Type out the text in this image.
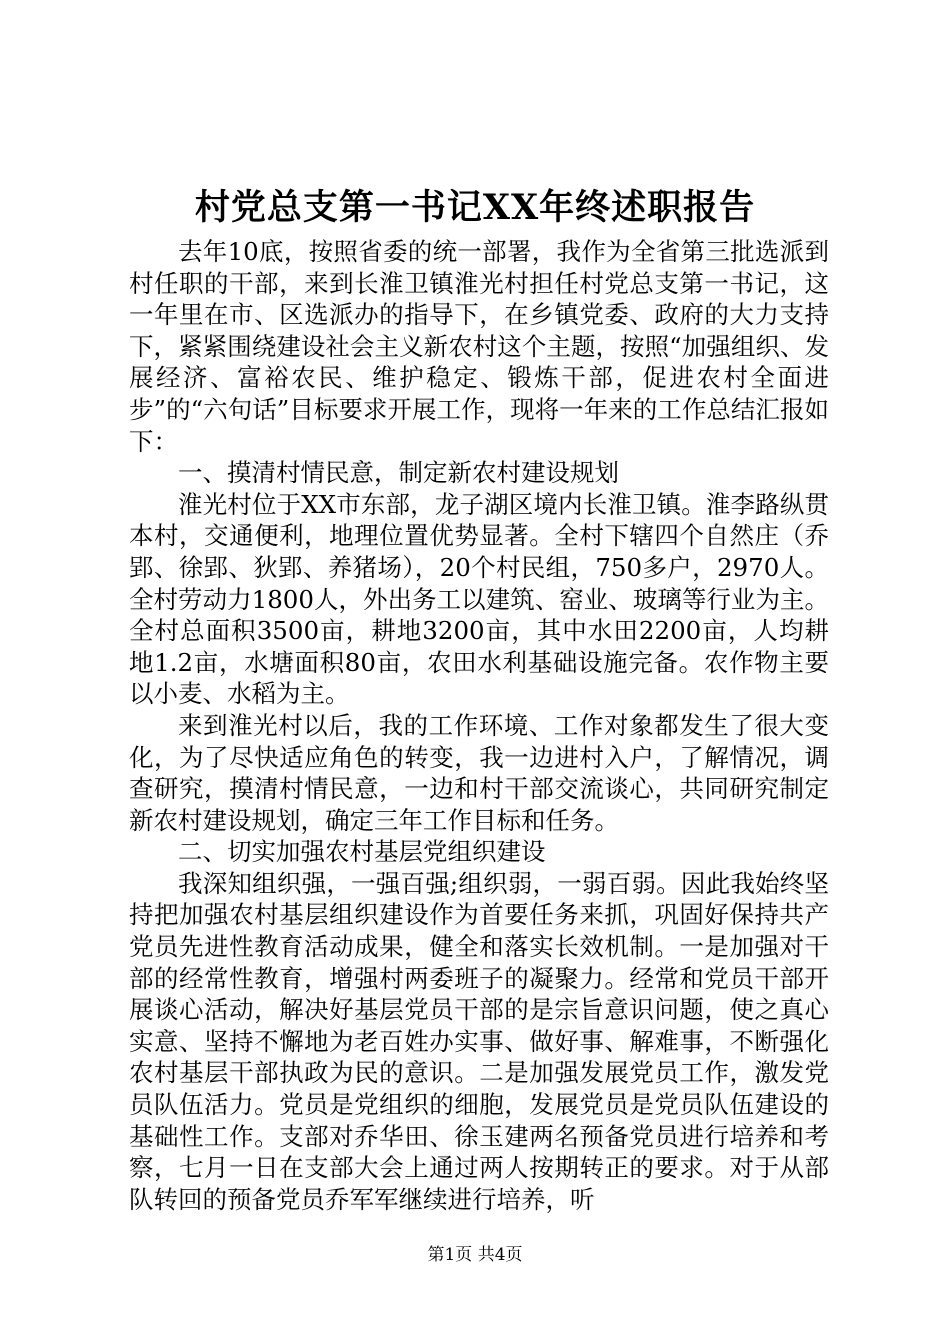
村党总支第一书记XX年终述职报告

去年10底，按照省委的统一部署，我作为全省第三批选派到村任职的干部，来到长淮卫镇淮光村担任村党总支第一书记，这一年里在市、区选派办的指导下，在乡镇党委、政府的大力支持下，紧紧围绕建设社会主义新农村这个主题，按照“加强组织、发展经济、富裕农民、维护稳定、锻炼干部，促进农村全面进步”的“六句话”目标要求开展工作，现将一年来的工作总结汇报如下：

一、摸清村情民意，制定新农村建设规划

淮光村位于XX市东部，龙子湖区境内长淮卫镇。淮李路纵贯本村，交通便利，地理位置优势显著。全村下辖四个自然庄（乔郢、徐郢、狄郢、养猪场），20个村民组，750多户，2970人。全村劳动力1800人，外出务工以建筑、窑业、玻璃等行业为主。全村总面积3500亩，耕地3200亩，其中水田2200亩，人均耕地1.2亩，水塘面积80亩，农田水利基础设施完备。农作物主要以小麦、水稻为主。

来到淮光村以后，我的工作环境、工作对象都发生了很大变化，为了尽快适应角色的转变，我一边进村入户，了解情况，调查研究，摸清村情民意，一边和村干部交流谈心，共同研究制定新农村建设规划，确定三年工作目标和任务。

二、切实加强农村基层党组织建设

我深知组织强，一强百强;组织弱，一弱百弱。因此我始终坚持把加强农村基层组织建设作为首要任务来抓，巩固好保持共产党员先进性教育活动成果，健全和落实长效机制。一是加强对干部的经常性教育，增强村两委班子的凝聚力。经常和党员干部开展谈心活动，解决好基层党员干部的是宗旨意识问题，使之真心实意、坚持不懈地为老百姓办实事、做好事、解难事，不断强化农村基层干部执政为民的意识。二是加强发展党员工作，激发党员队伍活力。党员是党组织的细胞，发展党员是党员队伍建设的基础性工作。支部对乔华田、徐玉建两名预备党员进行培养和考察，七月一日在支部大会上通过两人按期转正的要求。对于从部队转回的预备党员乔军军继续进行培养，听

第1页 共4页
